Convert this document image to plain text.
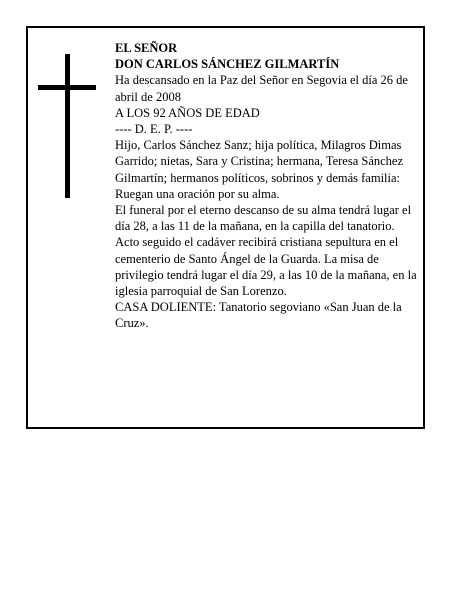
EL SEÑOR

DON CARLOS SÁNCHEZ GILMARTÍN

Ha descansado en la Paz del Señor en Segovia el día 26 de abril de 2008

A LOS 92 AÑOS DE EDAD

---- D. E. P. ----

Hijo, Carlos Sánchez Sanz; hija política, Milagros Dimas Garrido; nietas, Sara y Cristina; hermana, Teresa Sánchez Gilmartín; hermanos políticos, sobrinos y demás familia:

Ruegan una oración por su alma.

El funeral por el eterno descanso de su alma tendrá lugar el día 28, a las 11 de la mañana, en la capilla del tanatorio. Acto seguido el cadáver recibirá cristiana sepultura en el cementerio de Santo Ángel de la Guarda. La misa de privilegio tendrá lugar el día 29, a las 10 de la mañana, en la iglesia parroquial de San Lorenzo.

CASA DOLIENTE: Tanatorio segoviano «San Juan de la Cruz».
